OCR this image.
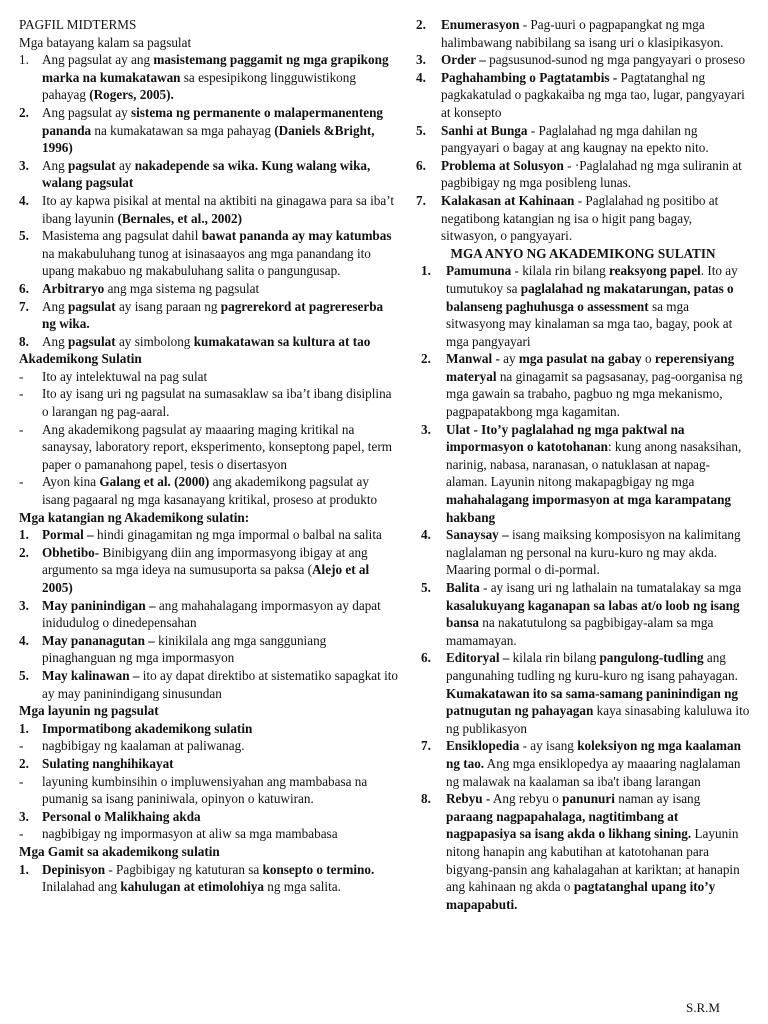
PAGFIL MIDTERMS

Mga batayang kalam sa pagsulat

1. Ang pagsulat ay ang masistemang paggamit ng mga grapikong marka na kumakatawan sa espesipikong lingguwistikong pahayag (Rogers, 2005).
2. Ang pagsulat ay sistema ng permanente o malapermanenteng pananda na kumakatawan sa mga pahayag (Daniels &Bright, 1996)
3. Ang pagsulat ay nakadepende sa wika. Kung walang wika, walang pagsulat
4. Ito ay kapwa pisikal at mental na aktibiti na ginagawa para sa iba’t ibang layunin (Bernales, et al., 2002)
5. Masistema ang pagsulat dahil bawat pananda ay may katumbas na makabuluhang tunog at isinasaayos ang mga panandang ito upang makabuo ng makabuluhang salita o pangungusap.
6. Arbitraryo ang mga sistema ng pagsulat
7. Ang pagsulat ay isang paraan ng pagrerekord at pagrereserba ng wika.
8. Ang pagsulat ay simbolong kumakatawan sa kultura at tao

Akademikong Sulatin

-	Ito ay intelektuwal na pag sulat
-	Ito ay isang uri ng pagsulat na sumasaklaw sa iba’t ibang disiplina o larangan ng pag-aaral.
-	Ang akademikong pagsulat ay maaaring maging kritikal na sanaysay, laboratory report, eksperimento, konseptong papel, term paper o pamanahong papel, tesis o disertasyon
-	Ayon kina Galang et al. (2000) ang akademikong pagsulat ay isang pagaaral ng mga kasanayang kritikal, proseso at produkto

Mga katangian ng Akademikong sulatin:

1. Pormal – hindi ginagamitan ng mga impormal o balbal na salita
2. Obhetibo- Binibigyang diin ang impormasyong ibigay at ang argumento sa mga ideya na sumusuporta sa paksa (Alejo et al 2005)
3. May paninindigan – ang mahahalagang impormasyon ay dapat inidudulog o dinedepensahan
4. May pananagutan – kinikilala ang mga sangguniang pinaghanguan ng mga impormasyon
5. May kalinawan – ito ay dapat direktibo at sistematiko sapagkat ito ay may paninindigang sinusundan

Mga layunin ng pagsulat

1. Impormatibong akademikong sulatin
-	nagbibigay ng kaalaman at paliwanag.
2. Sulating nanghihikayat
-	layuning kumbinsihin o impluwensiyahan ang mambabasa na pumanig sa isang paniniwala, opinyon o katuwiran.
3. Personal o Malikhaing akda
-	nagbibigay ng impormasyon at aliw sa mga mambabasa

Mga Gamit sa akademikong sulatin

1. Depinisyon - Pagbibigay ng katuturan sa konsepto o termino. Inilalahad ang kahulugan at etimolohiya ng mga salita.
2.	Enumerasyon - Pag-uuri o pagpapangkat ng mga halimbawang nabibilang sa isang uri o klasipikasyon.
3.	Order – pagsusunod-sunod ng mga pangyayari o proseso
4.	Paghahambing o Pagtatambis - Pagtatanghal ng pagkakatulad o pagkakaiba ng mga tao, lugar, pangyayari at konsepto
5.	Sanhi at Bunga - Paglalahad ng mga dahilan ng pangyayari o bagay at ang kaugnay na epekto nito.
6.	Problema at Solusyon - ·Paglalahad ng mga suliranin at pagbibigay ng mga posibleng lunas.
7.	Kalakasan at Kahinaan - Paglalahad ng positibo at negatibong katangian ng isa o higit pang bagay, sitwasyon, o pangyayari.

MGA ANYO NG AKADEMIKONG SULATIN

1.	Pamumuna - kilala rin bilang reaksyong papel. Ito ay tumutukoy sa paglalahad ng makatarungan, patas o balanseng paghuhusga o assessment sa mga sitwasyong may kinalaman sa mga tao, bagay, pook at mga pangyayari
2.	Manwal - ay mga pasulat na gabay o reperensiyang materyal na ginagamit sa pagsasanay, pag-oorganisa ng mga gawain sa trabaho, pagbuo ng mga mekanismo, pagpapatakbong mga kagamitan.
3.	Ulat - Ito’y paglalahad ng mga paktwal na impormasyon o katotohanan: kung anong nasaksihan, narinig, nabasa, naranasan, o natuklasan at napag-alaman. Layunin nitong makapagbigay ng mga mahahalagang impormasyon at mga karampatang hakbang
4.	Sanaysay – isang maiksing komposisyon na kalimitang naglalaman ng personal na kuru-kuro ng may akda. Maaring pormal o di-pormal.
5.	Balita - ay isang uri ng lathalain na tumatalakay sa mga kasalukuyang kaganapan sa labas at/o loob ng isang bansa na nakatutulong sa pagbibigay-alam sa mga mamamayan.
6.	Editoryal – kilala rin bilang pangulong-tudling ang pangunahing tudling ng kuru-kuro ng isang pahayagan. Kumakatawan ito sa sama-samang paninindigan ng patnugutan ng pahayagan kaya sinasabing kaluluwa ito ng publikasyon
7.	Ensiklopedia - ay isang koleksiyon ng mga kaalaman ng tao. Ang mga ensiklopedya ay maaaring naglalaman ng malawak na kaalaman sa iba't ibang larangan
8.	Rebyu - Ang rebyu o panunuri naman ay isang paraang nagpapahalaga, nagtitimbang at nagpapasiya sa isang akda o likhang sining. Layunin nitong hanapin ang kabutihan at katotohanan para bigyang-pansin ang kahalagahan at kariktan; at hanapin ang kahinaan ng akda o pagtatanghal upang ito’y mapapabuti.
S.R.M
